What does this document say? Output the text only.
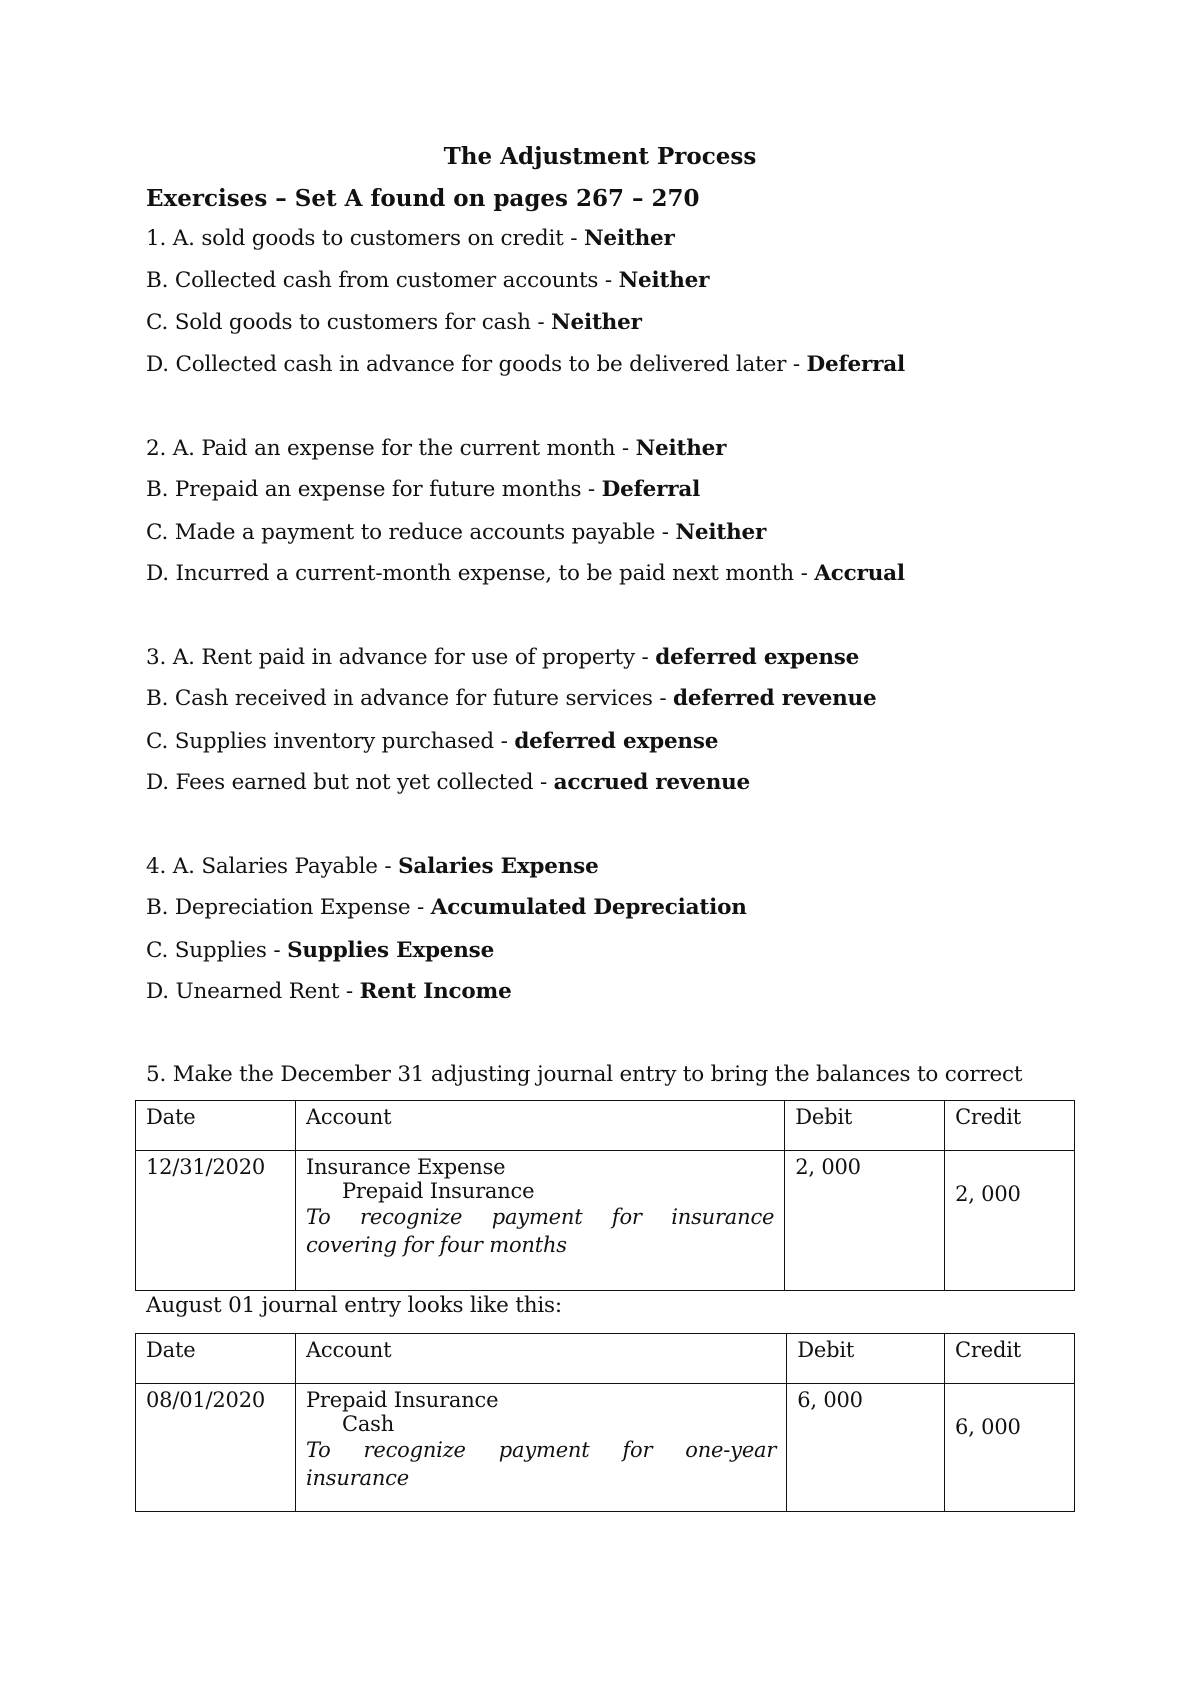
The Adjustment Process
Exercises – Set A found on pages 267 – 270
1. A. sold goods to customers on credit - Neither
B. Collected cash from customer accounts - Neither
C. Sold goods to customers for cash - Neither
D. Collected cash in advance for goods to be delivered later - Deferral
2. A. Paid an expense for the current month - Neither
B. Prepaid an expense for future months - Deferral
C. Made a payment to reduce accounts payable - Neither
D. Incurred a current-month expense, to be paid next month - Accrual
3. A. Rent paid in advance for use of property - deferred expense
B. Cash received in advance for future services - deferred revenue
C. Supplies inventory purchased - deferred expense
D. Fees earned but not yet collected - accrued revenue
4. A. Salaries Payable - Salaries Expense
B. Depreciation Expense - Accumulated Depreciation
C. Supplies - Supplies Expense
D. Unearned Rent - Rent Income
5. Make the December 31 adjusting journal entry to bring the balances to correct
Date	Account	Debit	Credit
12/31/2020	Insurance Expense
Prepaid Insurance
To recognize payment for insurance covering for four months	2, 000	2, 000
August 01 journal entry looks like this:
Date	Account	Debit	Credit
08/01/2020	Prepaid Insurance
Cash
To recognize payment for one-year insurance	6, 000	6, 000
